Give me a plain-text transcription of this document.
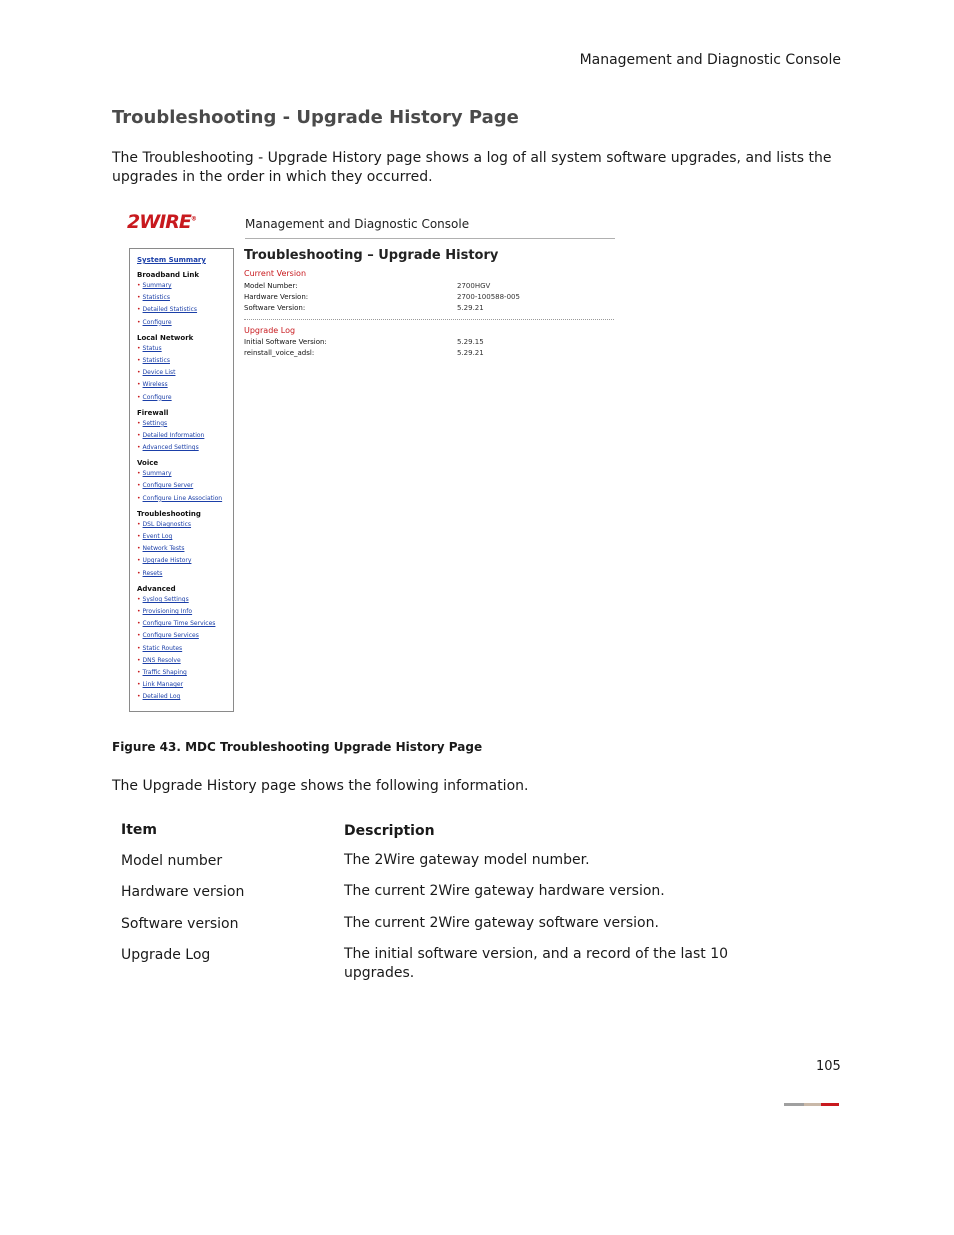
Management and Diagnostic Console
Troubleshooting - Upgrade History Page
The Troubleshooting - Upgrade History page shows a log of all system software upgrades, and lists the upgrades in the order in which they occurred.
2WIRE®	Management and Diagnostic Console
System Summary
Broadband Link
• Summary
• Statistics
• Detailed Statistics
• Configure
Local Network
• Status
• Statistics
• Device List
• Wireless
• Configure
Firewall
• Settings
• Detailed Information
• Advanced Settings
Voice
• Summary
• Configure Server
• Configure Line Association
Troubleshooting
• DSL Diagnostics
• Event Log
• Network Tests
• Upgrade History
• Resets
Advanced
• Syslog Settings
• Provisioning Info
• Configure Time Services
• Configure Services
• Static Routes
• DNS Resolve
• Traffic Shaping
• Link Manager
• Detailed Log
Troubleshooting – Upgrade History
Current Version
Upgrade Log
Model Number:	2700HGV
Hardware Version:	2700-100588-005
Software Version:	5.29.21
Initial Software Version:	5.29.15
reinstall_voice_adsl:	5.29.21
Figure 43. MDC Troubleshooting Upgrade History Page
The Upgrade History page shows the following information.
Item	Description
Model number	The 2Wire gateway model number.
Hardware version	The current 2Wire gateway hardware version.
Software version	The current 2Wire gateway software version.
Upgrade Log	The initial software version, and a record of the last 10 upgrades.
105
